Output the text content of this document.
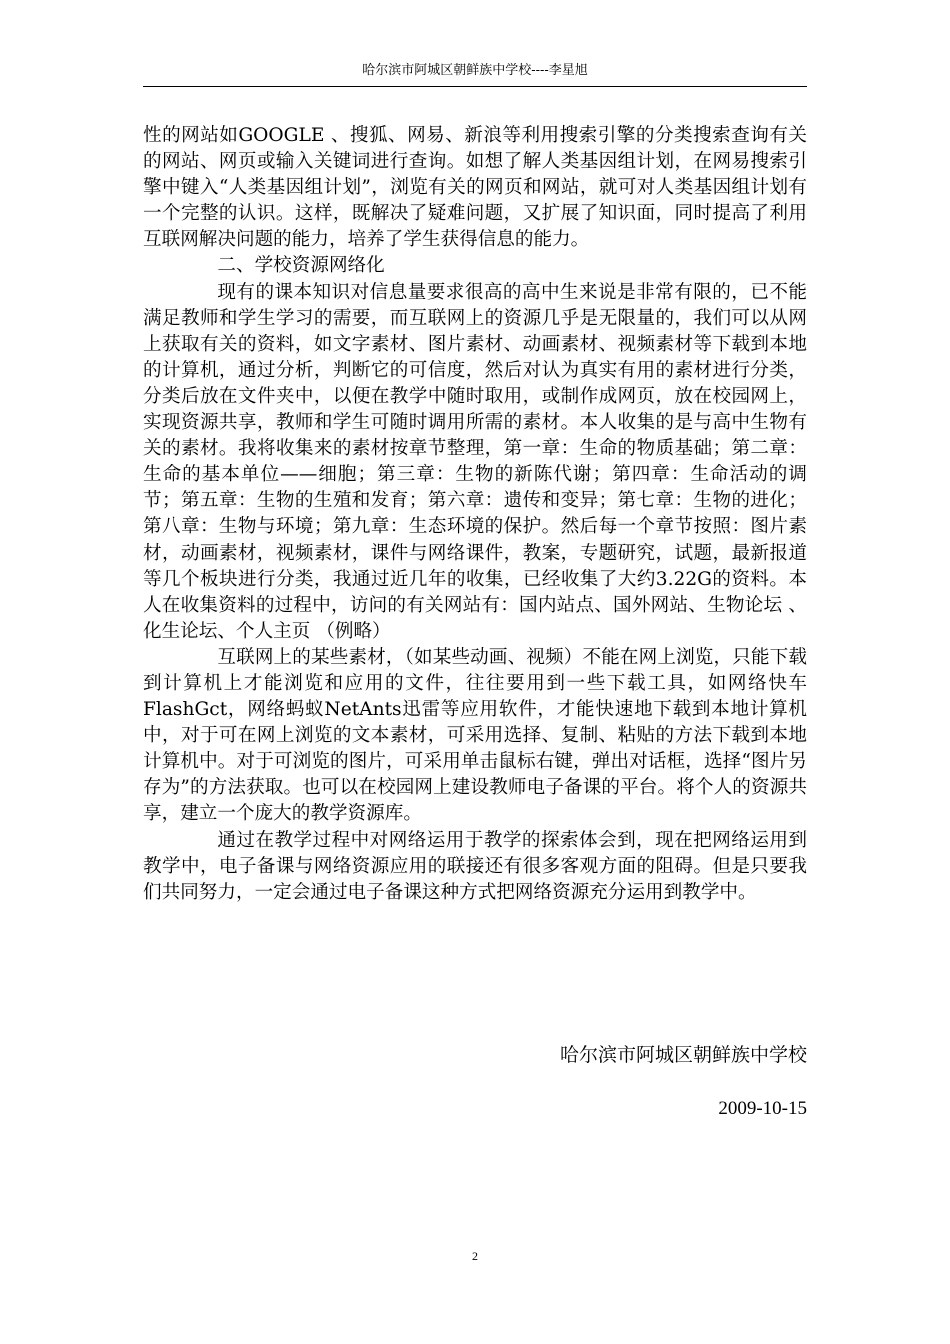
哈尔滨市阿城区朝鲜族中学校----李星旭

性的网站如GOOGLE 、搜狐、网易、新浪等利用搜索引擎的分类搜索查询有关的网站、网页或输入关键词进行查询。如想了解人类基因组计划，在网易搜索引擎中键入“人类基因组计划”，浏览有关的网页和网站，就可对人类基因组计划有一个完整的认识。这样，既解决了疑难问题，又扩展了知识面，同时提高了利用互联网解决问题的能力，培养了学生获得信息的能力。

二、学校资源网络化

现有的课本知识对信息量要求很高的高中生来说是非常有限的，已不能满足教师和学生学习的需要，而互联网上的资源几乎是无限量的，我们可以从网上获取有关的资料，如文字素材、图片素材、动画素材、视频素材等下载到本地的计算机，通过分析，判断它的可信度，然后对认为真实有用的素材进行分类，分类后放在文件夹中，以便在教学中随时取用，或制作成网页，放在校园网上，实现资源共享，教师和学生可随时调用所需的素材。本人收集的是与高中生物有关的素材。我将收集来的素材按章节整理，第一章：生命的物质基础；第二章：生命的基本单位——细胞；第三章：生物的新陈代谢；第四章：生命活动的调节；第五章：生物的生殖和发育；第六章：遗传和变异；第七章：生物的进化；第八章：生物与环境；第九章：生态环境的保护。然后每一个章节按照：图片素材，动画素材，视频素材，课件与网络课件，教案，专题研究，试题，最新报道等几个板块进行分类，我通过近几年的收集，已经收集了大约3.22G的资料。本人在收集资料的过程中，访问的有关网站有：国内站点、国外网站、生物论坛 、化生论坛、个人主页 （例略）

互联网上的某些素材，（如某些动画、视频）不能在网上浏览，只能下载到计算机上才能浏览和应用的文件，往往要用到一些下载工具，如网络快车FlashGct，网络蚂蚁NetAnts迅雷等应用软件，才能快速地下载到本地计算机中，对于可在网上浏览的文本素材，可采用选择、复制、粘贴的方法下载到本地计算机中。对于可浏览的图片，可采用单击鼠标右键，弹出对话框，选择“图片另存为”的方法获取。也可以在校园网上建设教师电子备课的平台。将个人的资源共享，建立一个庞大的教学资源库。

通过在教学过程中对网络运用于教学的探索体会到，现在把网络运用到教学中，电子备课与网络资源应用的联接还有很多客观方面的阻碍。但是只要我们共同努力，一定会通过电子备课这种方式把网络资源充分运用到教学中。

哈尔滨市阿城区朝鲜族中学校
2009-10-15
2
